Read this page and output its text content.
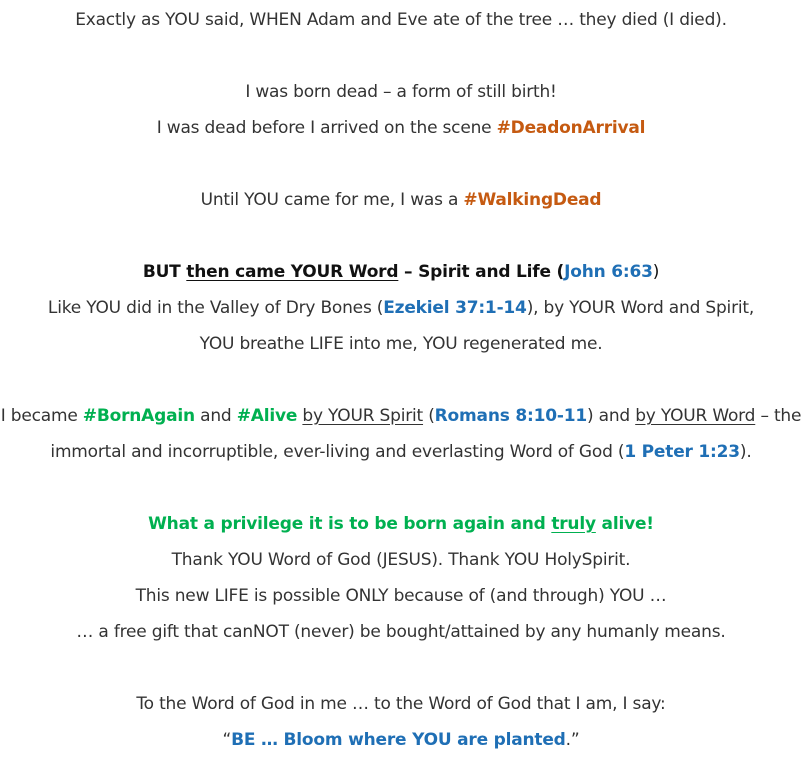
Exactly as YOU said, WHEN Adam and Eve ate of the tree … they died (I died).
I was born dead – a form of still birth!
I was dead before I arrived on the scene #DeadonArrival
Until YOU came for me, I was a #WalkingDead
BUT then came YOUR Word – Spirit and Life (John 6:63)
Like YOU did in the Valley of Dry Bones (Ezekiel 37:1-14), by YOUR Word and Spirit,
YOU breathe LIFE into me, YOU regenerated me.
I became #BornAgain and #Alive by YOUR Spirit (Romans 8:10-11) and by YOUR Word – the
immortal and incorruptible, ever-living and everlasting Word of God (1 Peter 1:23).
What a privilege it is to be born again and truly alive!
Thank YOU Word of God (JESUS). Thank YOU HolySpirit.
This new LIFE is possible ONLY because of (and through) YOU …
… a free gift that canNOT (never) be bought/attained by any humanly means.
To the Word of God in me … to the Word of God that I am, I say:
“BE … Bloom where YOU are planted.”
